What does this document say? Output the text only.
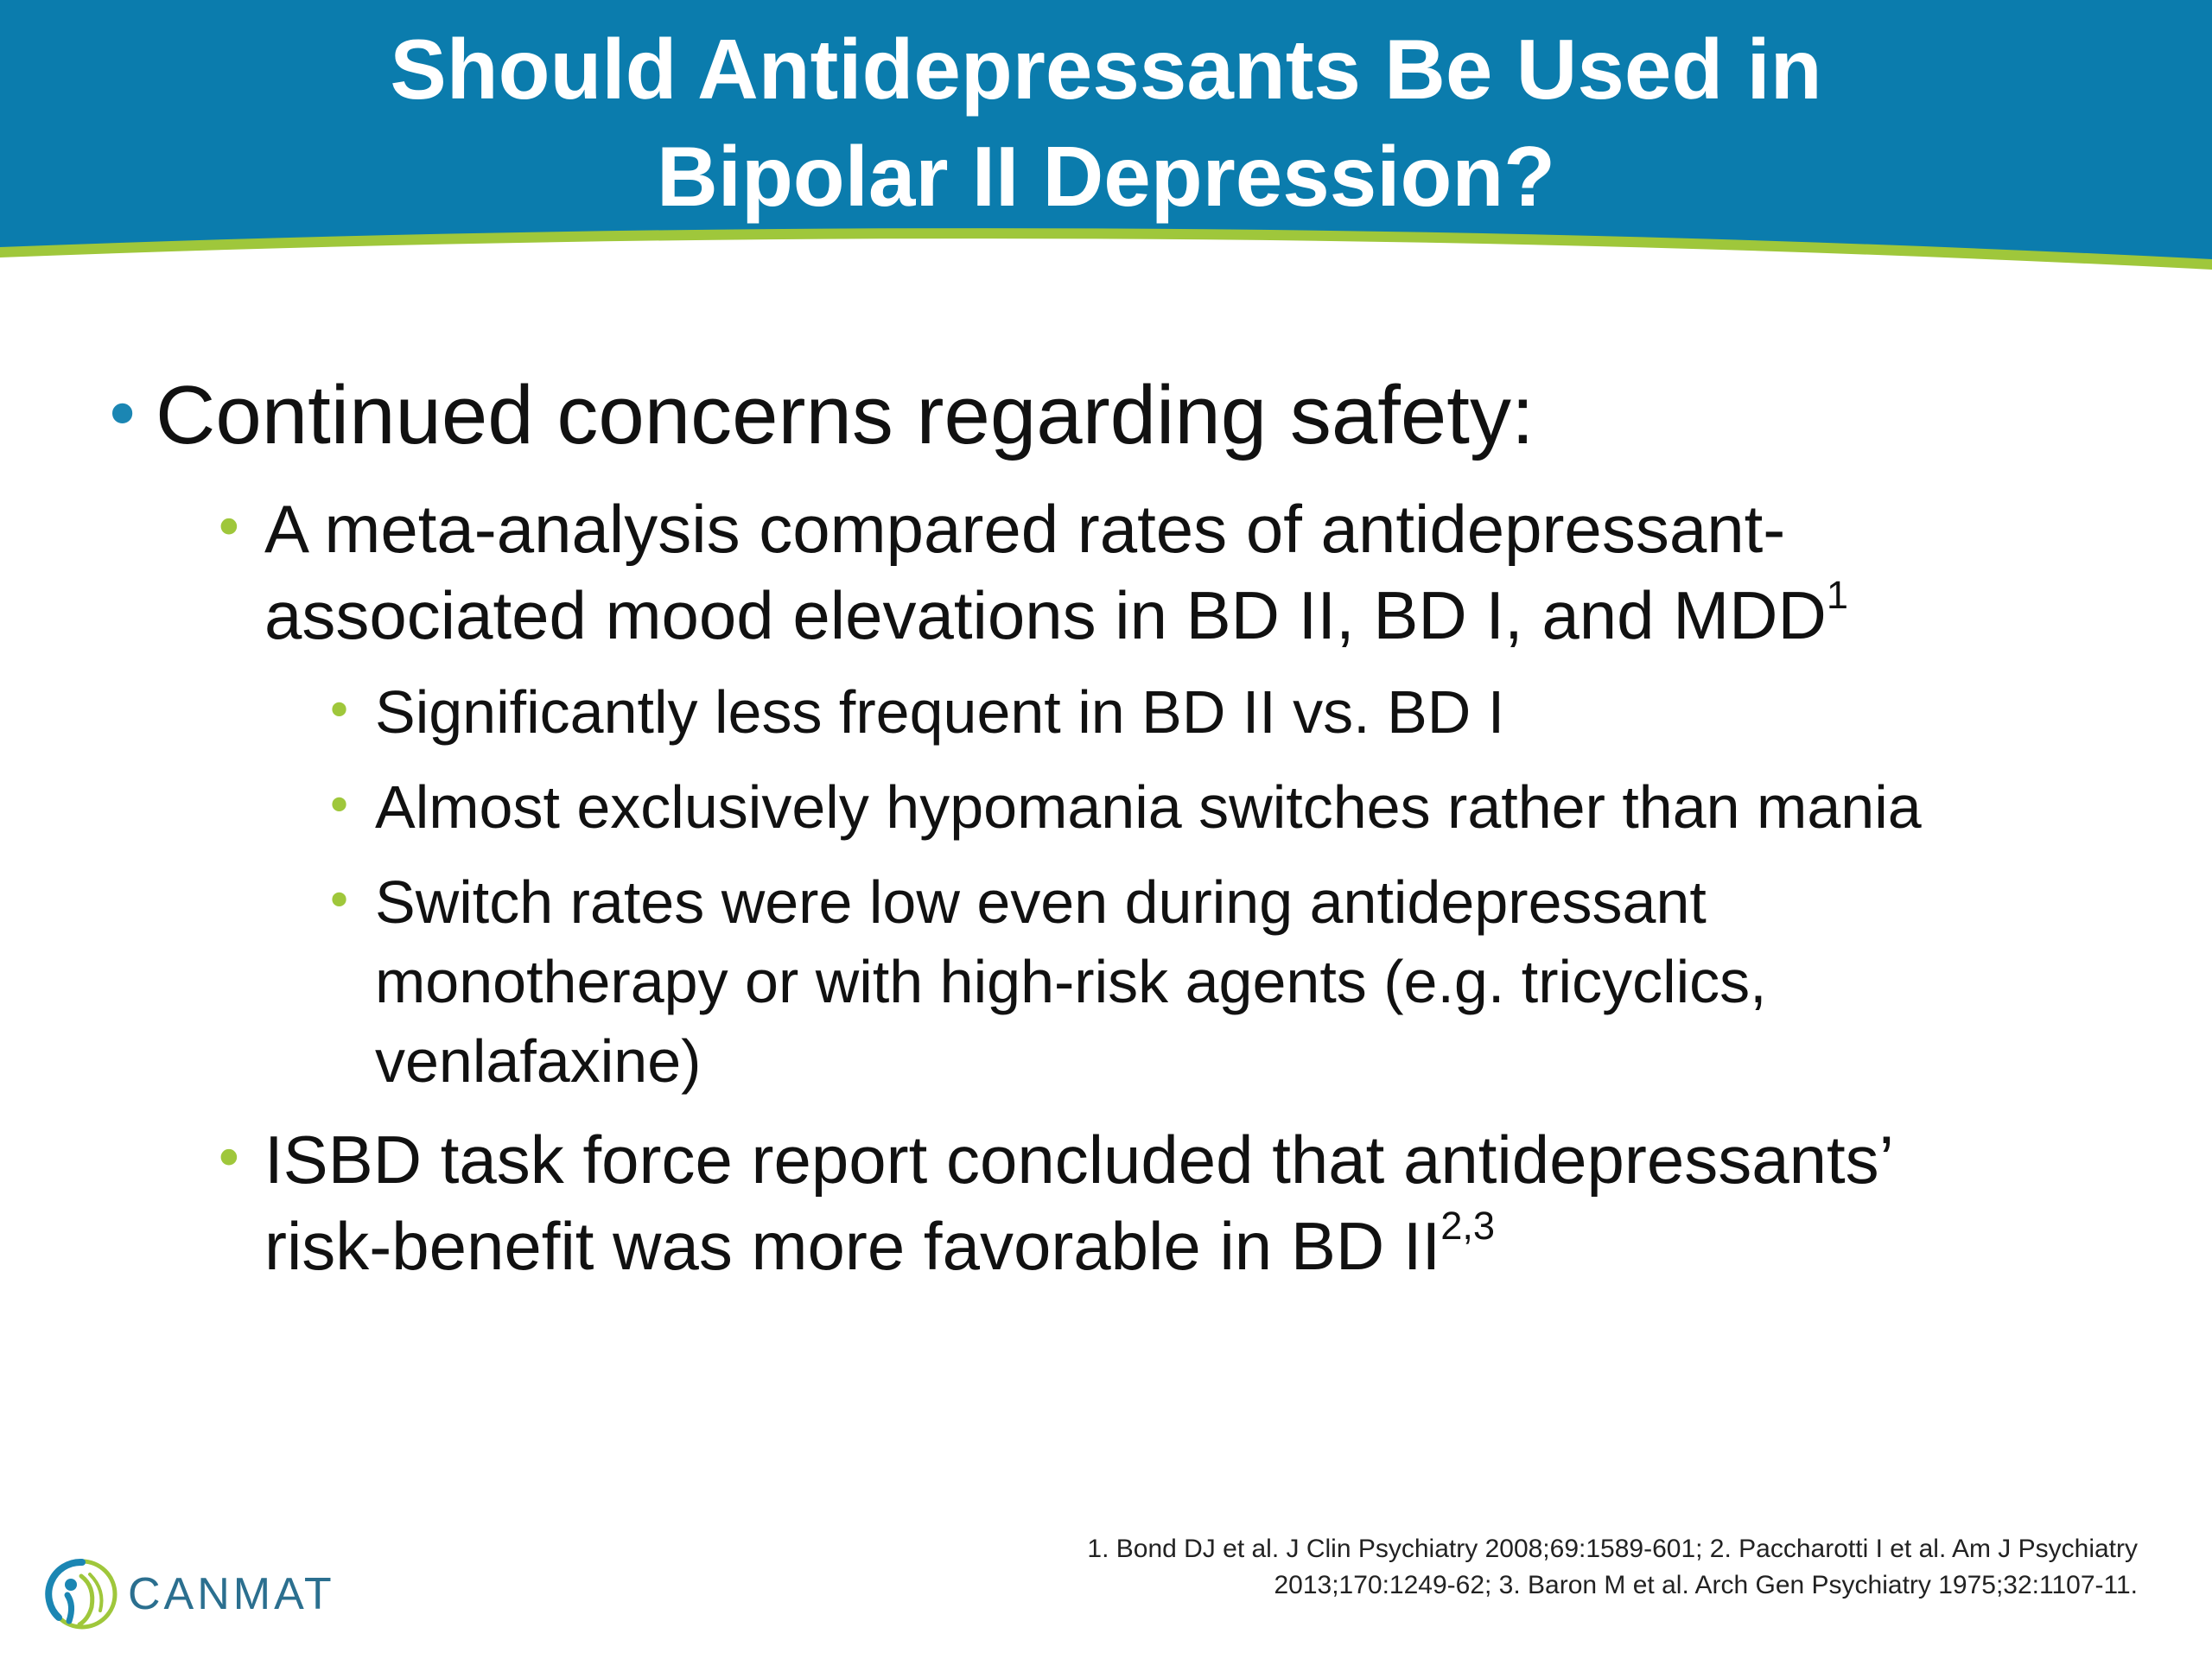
Should Antidepressants Be Used in
Bipolar II Depression?
• Continued concerns regarding safety:
• A meta-analysis compared rates of antidepressant-
associated mood elevations in BD II, BD I, and MDD$^1$
• Significantly less frequent in BD II vs. BD I
• Almost exclusively hypomania switches rather than mania
• Switch rates were low even during antidepressant
monotherapy or with high-risk agents (e.g. tricyclics,
venlafaxine)
• ISBD task force report concluded that antidepressants’
risk-benefit was more favorable in BD II$^{2,3}$
CANMAT
1. Bond DJ et al. J Clin Psychiatry 2008;69:1589-601; 2. Paccharotti I et al. Am J Psychiatry
2013;170:1249-62; 3. Baron M et al. Arch Gen Psychiatry 1975;32:1107-11.
